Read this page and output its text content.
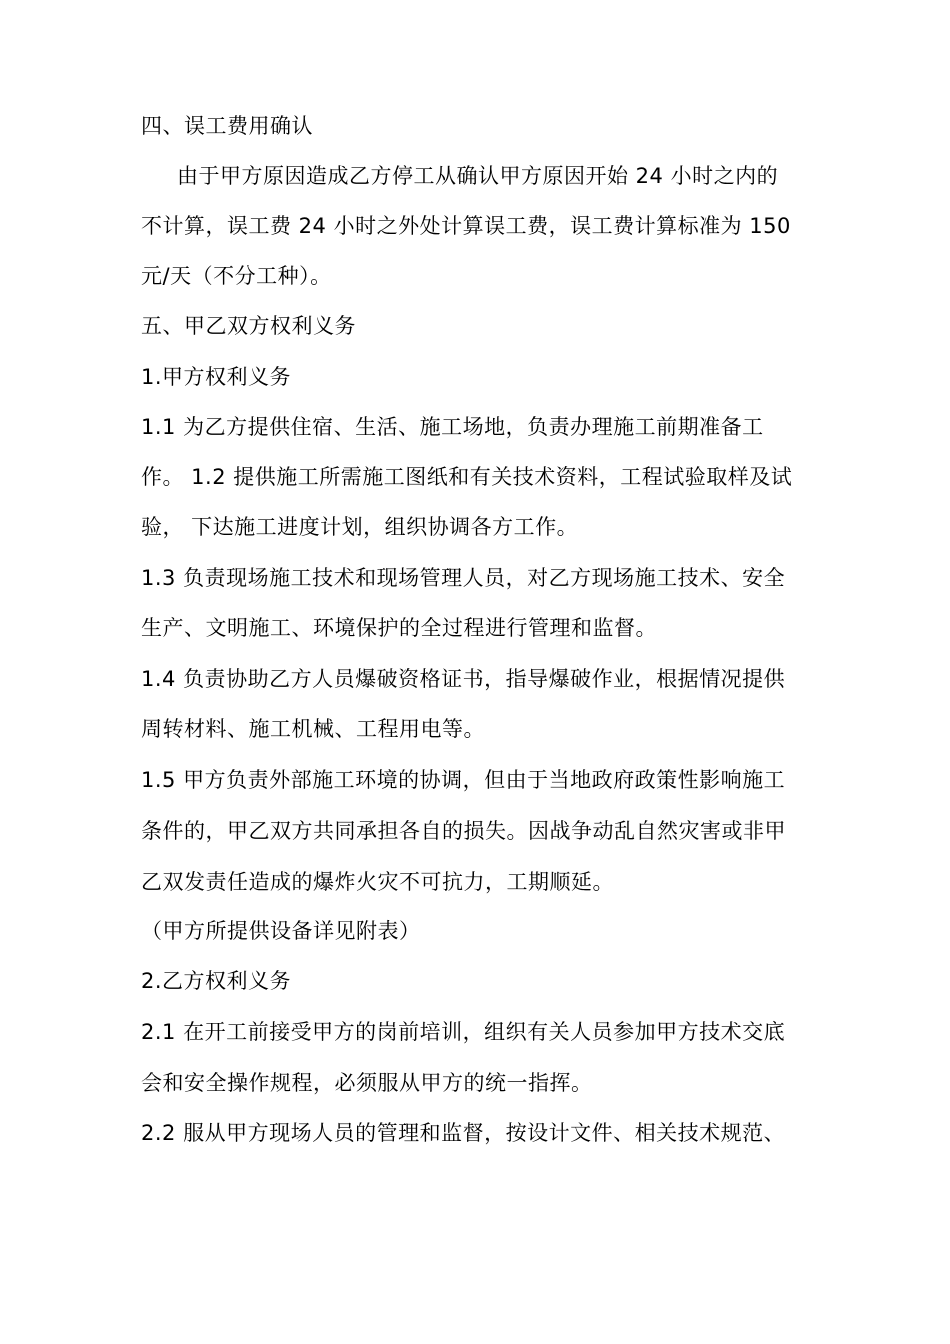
四、误工费用确认
由于甲方原因造成乙方停工从确认甲方原因开始 24 小时之内的
不计算，误工费 24 小时之外处计算误工费，误工费计算标准为 150
元/天（不分工种）。
五、甲乙双方权利义务
1.甲方权利义务
1.1 为乙方提供住宿、生活、施工场地，负责办理施工前期准备工
作。 1.2 提供施工所需施工图纸和有关技术资料，工程试验取样及试
验， 下达施工进度计划，组织协调各方工作。
1.3 负责现场施工技术和现场管理人员，对乙方现场施工技术、安全
生产、文明施工、环境保护的全过程进行管理和监督。
1.4 负责协助乙方人员爆破资格证书，指导爆破作业，根据情况提供
周转材料、施工机械、工程用电等。
1.5 甲方负责外部施工环境的协调，但由于当地政府政策性影响施工
条件的，甲乙双方共同承担各自的损失。因战争动乱自然灾害或非甲
乙双发责任造成的爆炸火灾不可抗力，工期顺延。
（甲方所提供设备详见附表）
2.乙方权利义务
2.1 在开工前接受甲方的岗前培训，组织有关人员参加甲方技术交底
会和安全操作规程，必须服从甲方的统一指挥。
2.2 服从甲方现场人员的管理和监督，按设计文件、相关技术规范、
